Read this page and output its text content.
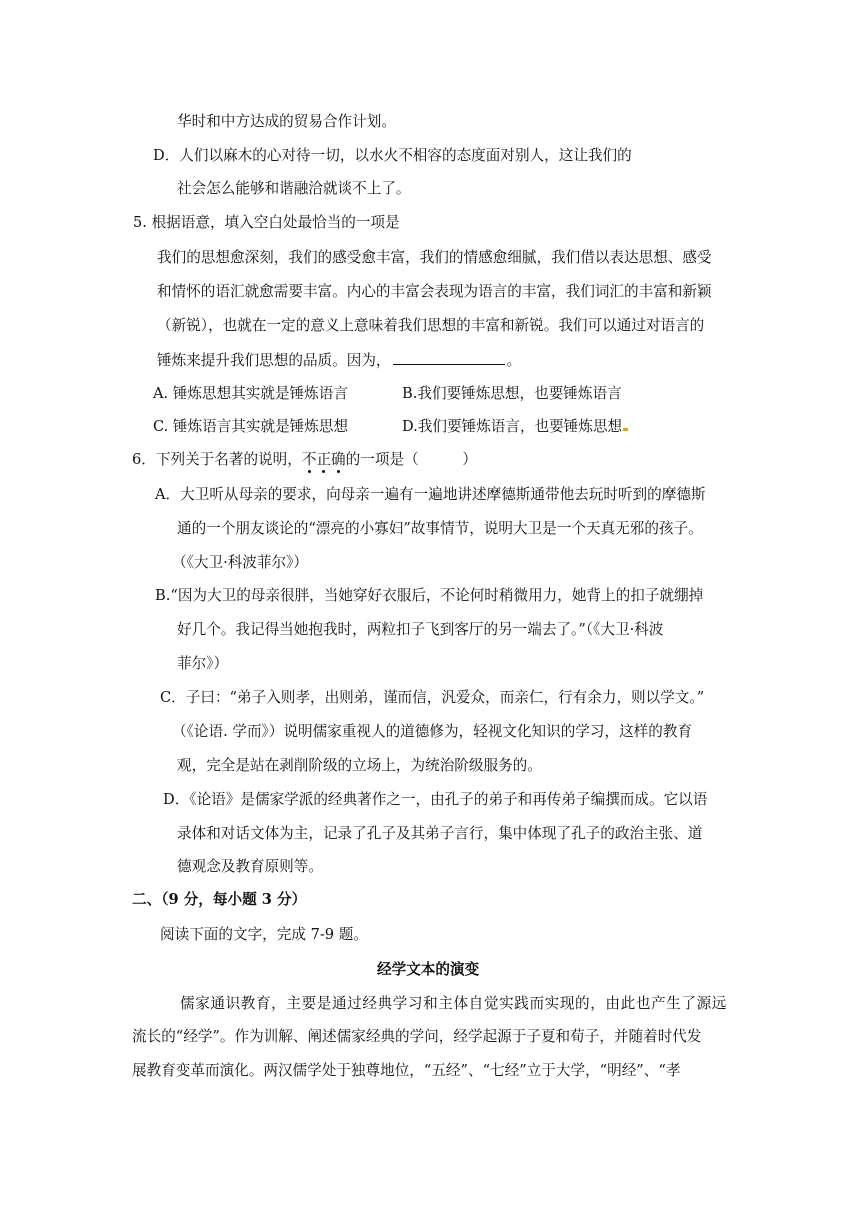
华时和中方达成的贸易合作计划。
D．人们以麻木的心对待一切，以水火不相容的态度面对别人，这让我们的
社会怎么能够和谐融洽就谈不上了。
5. 根据语意，填入空白处最恰当的一项是
我们的思想愈深刻，我们的感受愈丰富，我们的情感愈细腻，我们借以表达思想、感受
和情怀的语汇就愈需要丰富。内心的丰富会表现为语言的丰富，我们词汇的丰富和新颖
（新锐），也就在一定的意义上意味着我们思想的丰富和新锐。我们可以通过对语言的
锤炼来提升我们思想的品质。因为，	。
A. 锤炼思想其实就是锤炼语言	B.我们要锤炼思想，也要锤炼语言
C. 锤炼语言其实就是锤炼思想	D.我们要锤炼语言，也要锤炼思想
6．下列关于名著的说明，不正确的一项是（　　　）
A．大卫听从母亲的要求，向母亲一遍有一遍地讲述摩德斯通带他去玩时听到的摩德斯
通的一个朋友谈论的“漂亮的小寡妇”故事情节，说明大卫是一个天真无邪的孩子。
（《大卫·科波菲尔》）
B.“因为大卫的母亲很胖，当她穿好衣服后，不论何时稍微用力，她背上的扣子就绷掉
好几个。我记得当她抱我时，两粒扣子飞到客厅的另一端去了。”（《大卫·科波
菲尔》）
C．子曰：“弟子入则孝，出则弟，谨而信，汎爱众，而亲仁，行有余力，则以学文。”
（《论语. 学而》）说明儒家重视人的道德修为，轻视文化知识的学习，这样的教育
观，完全是站在剥削阶级的立场上，为统治阶级服务的。
D．《论语》是儒家学派的经典著作之一，由孔子的弟子和再传弟子编撰而成。它以语
录体和对话文体为主，记录了孔子及其弟子言行，集中体现了孔子的政治主张、道
德观念及教育原则等。
二、（9 分，每小题 3 分）
阅读下面的文字，完成 7-9 题。
经学文本的演变
儒家通识教育，主要是通过经典学习和主体自觉实践而实现的，由此也产生了源远
流长的“经学”。作为训解、阐述儒家经典的学问，经学起源于子夏和荀子，并随着时代发
展教育变革而演化。两汉儒学处于独尊地位，“五经”、“七经”立于大学，“明经”、“孝
